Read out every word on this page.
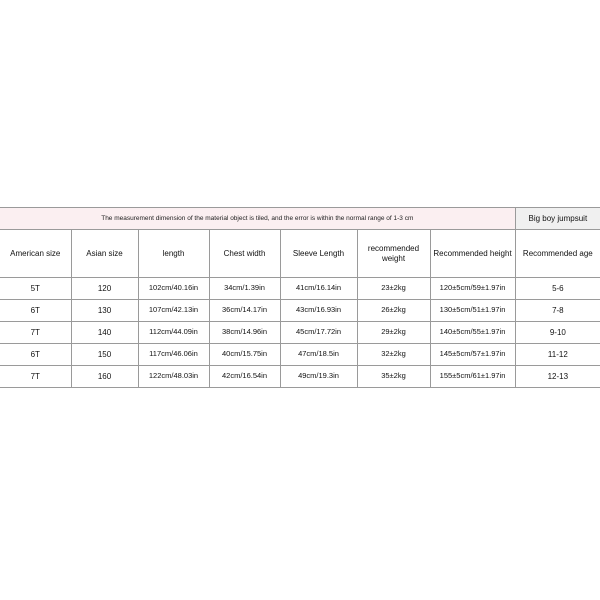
The measurement dimension of the material object is tiled, and the error is within the normal range of 1-3 cm							Big boy jumpsuit
American size	Asian size	length	Chest width	Sleeve Length	recommended weight	Recommended height	Recommended age
5T	120	102cm/40.16in	34cm/1.39in	41cm/16.14in	23±2kg	120±5cm/59±1.97in	5-6
6T	130	107cm/42.13in	36cm/14.17in	43cm/16.93in	26±2kg	130±5cm/51±1.97in	7-8
7T	140	112cm/44.09in	38cm/14.96in	45cm/17.72in	29±2kg	140±5cm/55±1.97in	9-10
6T	150	117cm/46.06in	40cm/15.75in	47cm/18.5in	32±2kg	145±5cm/57±1.97in	11-12
7T	160	122cm/48.03in	42cm/16.54in	49cm/19.3in	35±2kg	155±5cm/61±1.97in	12-13
